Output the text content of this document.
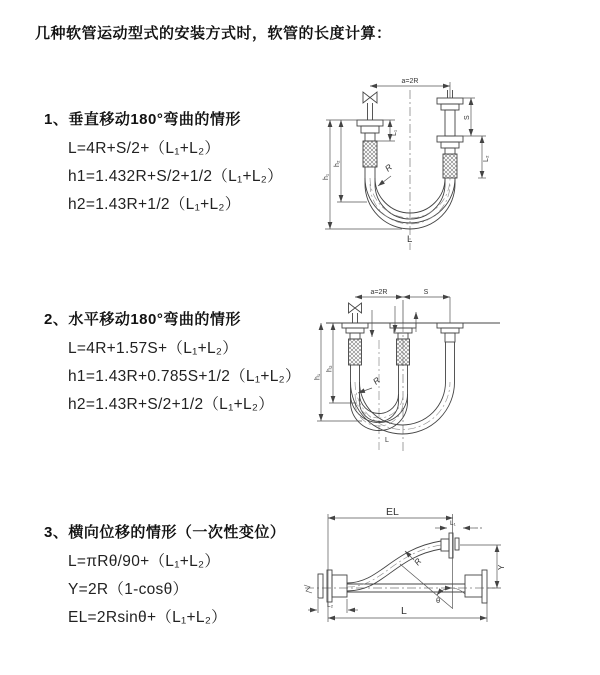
几种软管运动型式的安装方式时，软管的长度计算：
1、垂直移动180°弯曲的情形
L=4R+S/2+（L₁+L₂）
h1=1.432R+S/2+1/2（L₁+L₂）
h2=1.43R+1/2（L₁+L₂）
a=2R
L₁
S
L₂
h₁
h₂	R
L
2、水平移动180°弯曲的情形
L=4R+1.57S+（L₁+L₂）
h1=1.43R+0.785S+1/2（L₁+L₂）
h2=1.43R+S/2+1/2（L₁+L₂）
a=2R	S
h₁
h₂
R
L
3、横向位移的情形（一次性变位）
L=πRθ/90+（L₁+L₂）
Y=2R（1-cosθ）
EL=2Rsinθ+（L₁+L₂）
EL
L₁
Y
θ
R
L
L₂
